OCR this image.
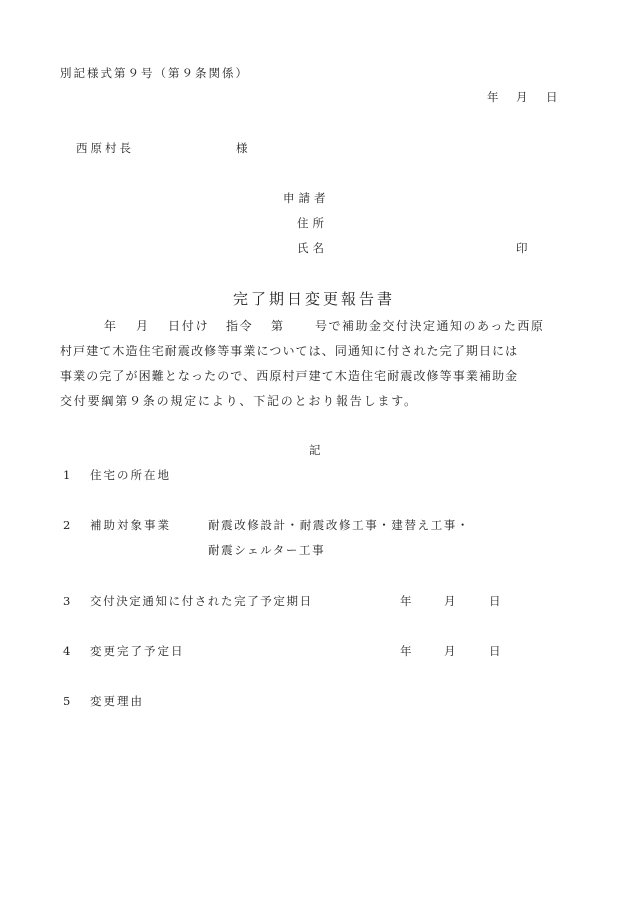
別記様式第９号（第９条関係）
年 月 日
西原村長	様
申請者
住所
氏名	印
完了期日変更報告書
年 月 日付け 指令 第	号で補助金交付決定通知のあった西原
村戸建て木造住宅耐震改修等事業については、同通知に付された完了期日には
事業の完了が困難となったので、西原村戸建て木造住宅耐震改修等事業補助金
交付要綱第９条の規定により、下記のとおり報告します。
記
1 住宅の所在地
2 補助対象事業	耐震改修設計・耐震改修工事・建替え工事・
耐震シェルター工事
3 交付決定通知に付された完了予定期日	年	月	日
4 変更完了予定日	年	月	日
5 変更理由
